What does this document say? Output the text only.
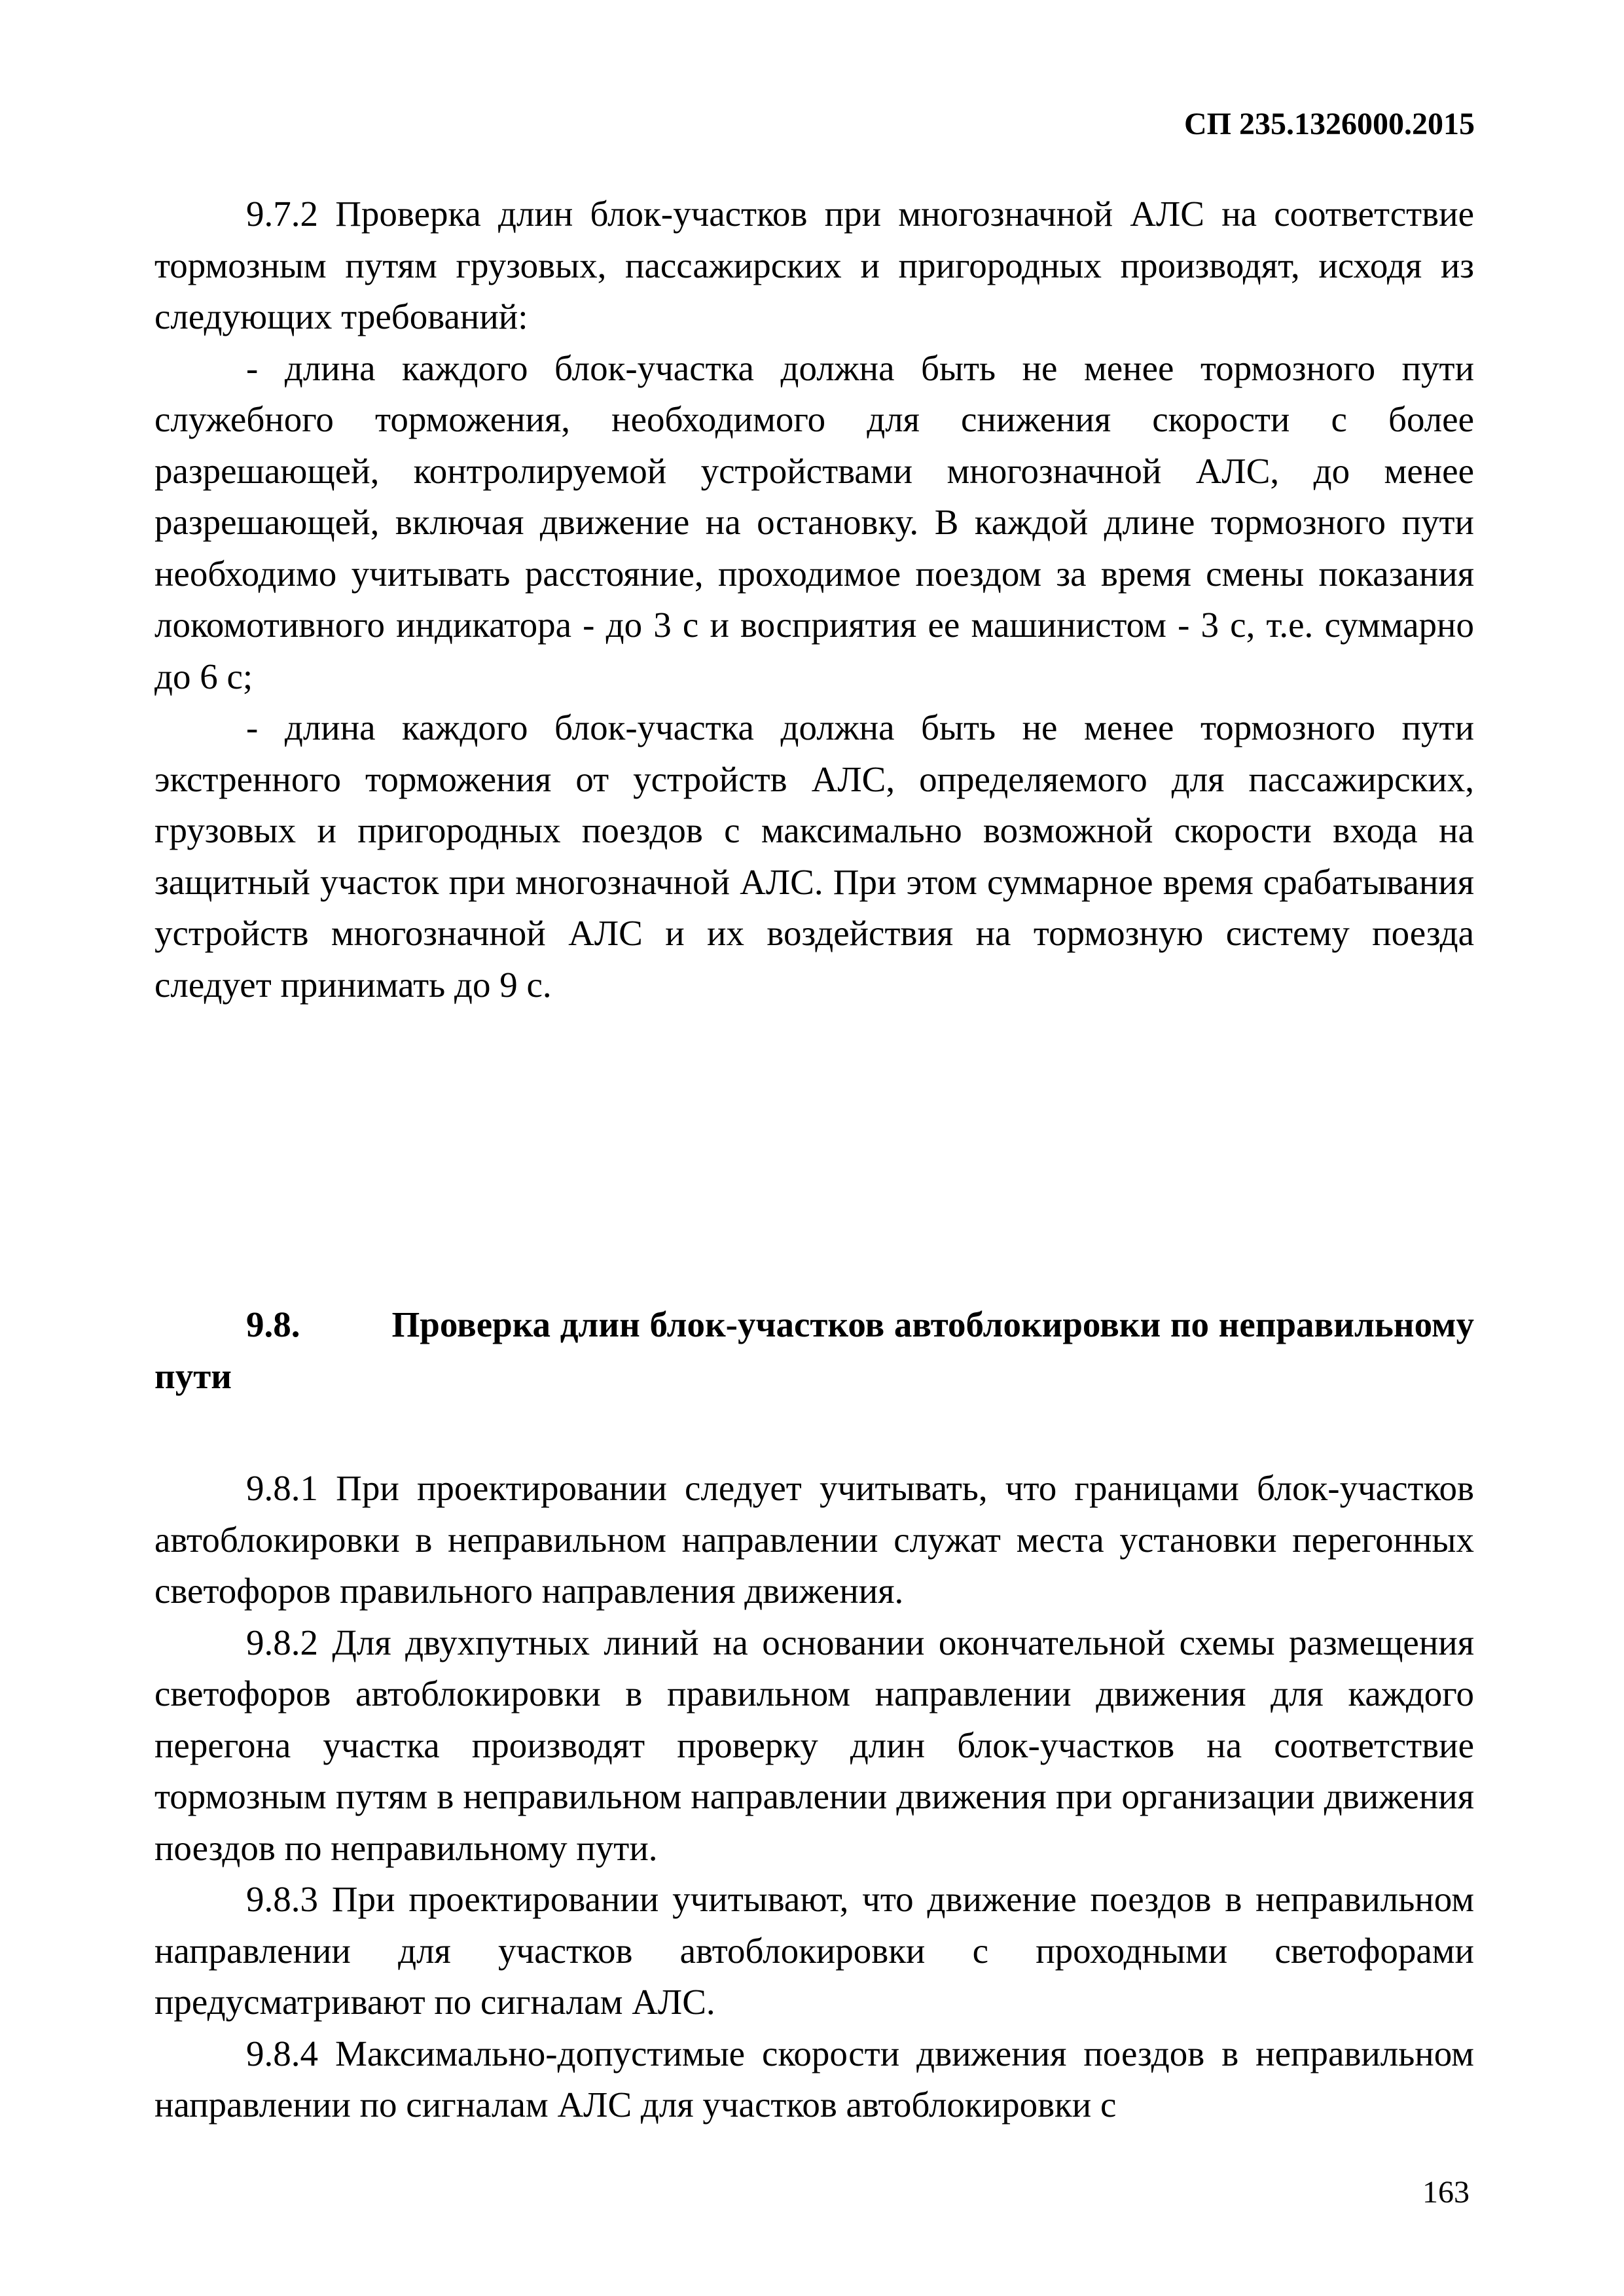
СП 235.1326000.2015

9.7.2 Проверка длин блок-участков при многозначной АЛС на соответствие тормозным путям грузовых, пассажирских и пригородных производят, исходя из следующих требований:

- длина каждого блок-участка должна быть не менее тормозного пути служебного торможения, необходимого для снижения скорости с более разрешающей, контролируемой устройствами многозначной АЛС, до менее разрешающей, включая движение на остановку. В каждой длине тормозного пути необходимо учитывать расстояние, проходимое поездом за время смены показания локомотивного индикатора - до 3 с и восприятия ее машинистом - 3 с, т.е. суммарно до 6 с;

- длина каждого блок-участка должна быть не менее тормозного пути экстренного торможения от устройств АЛС, определяемого для пассажирских, грузовых и пригородных поездов с максимально возможной скорости входа на защитный участок при многозначной АЛС. При этом суммарное время срабатывания устройств многозначной АЛС и их воздействия на тормозную систему поезда следует принимать до 9 с.

9.8.	Проверка длин блок-участков автоблокировки по неправильному пути

9.8.1 При проектировании следует учитывать, что границами блок-участков автоблокировки в неправильном направлении служат места установки перегонных светофоров правильного направления движения.

9.8.2 Для двухпутных линий на основании окончательной схемы размещения светофоров автоблокировки в правильном направлении движения для каждого перегона участка производят проверку длин блок-участков на соответствие тормозным путям в неправильном направлении движения при организации движения поездов по неправильному пути.

9.8.3 При проектировании учитывают, что движение поездов в неправильном направлении для участков автоблокировки с проходными светофорами предусматривают по сигналам АЛС.

9.8.4 Максимально-допустимые скорости движения поездов в неправильном направлении по сигналам АЛС для участков автоблокировки с

163
